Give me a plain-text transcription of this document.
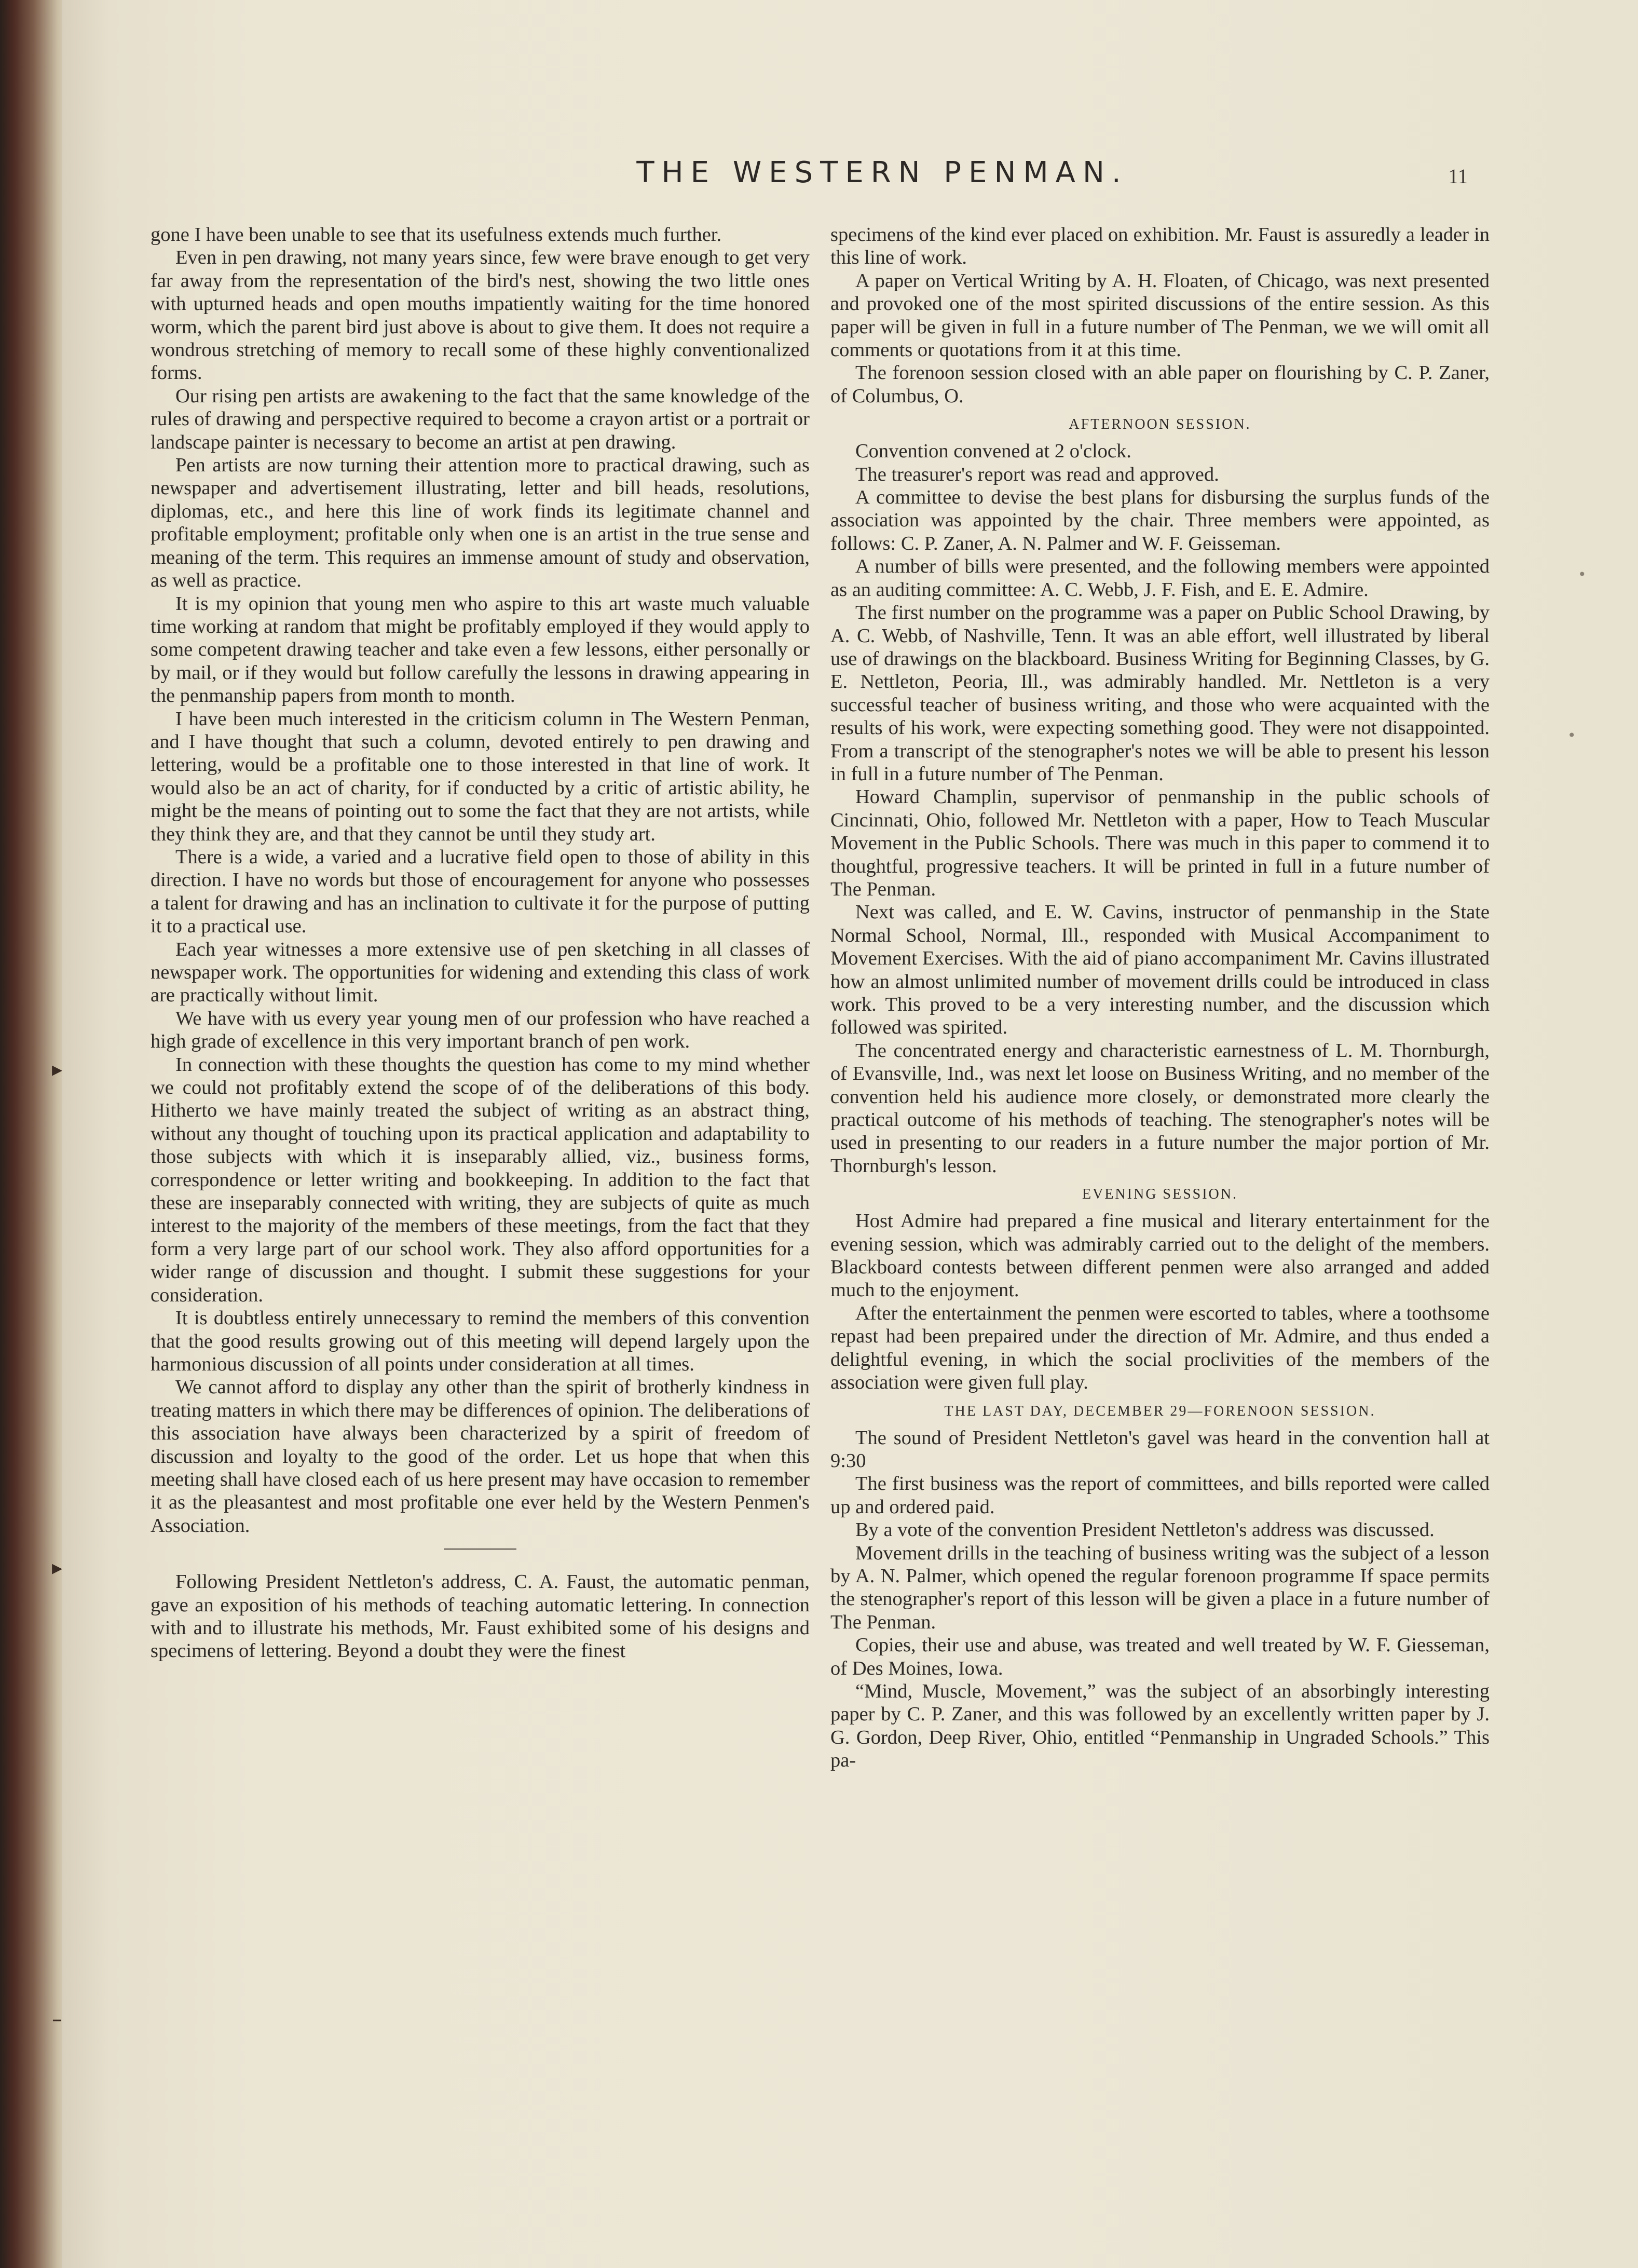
▸
▸
–
THE WESTERN PENMAN.	11
•
•

gone I have been unable to see that its usefulness extends much further.

Even in pen drawing, not many years since, few were brave enough to get very far away from the representation of the bird's nest, showing the two little ones with upturned heads and open mouths impatiently waiting for the time honored worm, which the parent bird just above is about to give them. It does not require a wondrous stretching of memory to recall some of these highly conventionalized forms.

Our rising pen artists are awakening to the fact that the same knowledge of the rules of drawing and perspective required to become a crayon artist or a portrait or landscape painter is necessary to become an artist at pen drawing.

Pen artists are now turning their attention more to practical drawing, such as newspaper and advertisement illustrating, letter and bill heads, resolutions, diplomas, etc., and here this line of work finds its legitimate channel and profitable employment; profitable only when one is an artist in the true sense and meaning of the term. This requires an immense amount of study and observation, as well as practice.

It is my opinion that young men who aspire to this art waste much valuable time working at random that might be profitably employed if they would apply to some competent drawing teacher and take even a few lessons, either personally or by mail, or if they would but follow carefully the lessons in drawing appearing in the penmanship papers from month to month.

I have been much interested in the criticism column in The Western Penman, and I have thought that such a column, devoted entirely to pen drawing and lettering, would be a profitable one to those interested in that line of work. It would also be an act of charity, for if conducted by a critic of artistic ability, he might be the means of pointing out to some the fact that they are not artists, while they think they are, and that they cannot be until they study art.

There is a wide, a varied and a lucrative field open to those of ability in this direction. I have no words but those of encouragement for anyone who possesses a talent for drawing and has an inclination to cultivate it for the purpose of putting it to a practical use.

Each year witnesses a more extensive use of pen sketching in all classes of newspaper work. The opportunities for widening and extending this class of work are practically without limit.

We have with us every year young men of our profession who have reached a high grade of excellence in this very important branch of pen work.

In connection with these thoughts the question has come to my mind whether we could not profitably extend the scope of of the deliberations of this body. Hitherto we have mainly treated the subject of writing as an abstract thing, without any thought of touching upon its practical application and adaptability to those subjects with which it is inseparably allied, viz., business forms, correspondence or letter writing and bookkeeping. In addition to the fact that these are inseparably connected with writing, they are subjects of quite as much interest to the majority of the members of these meetings, from the fact that they form a very large part of our school work. They also afford opportunities for a wider range of discussion and thought. I submit these suggestions for your consideration.

It is doubtless entirely unnecessary to remind the members of this convention that the good results growing out of this meeting will depend largely upon the harmonious discussion of all points under consideration at all times.

We cannot afford to display any other than the spirit of brotherly kindness in treating matters in which there may be differences of opinion. The deliberations of this association have always been characterized by a spirit of freedom of discussion and loyalty to the good of the order. Let us hope that when this meeting shall have closed each of us here present may have occasion to remember it as the pleasantest and most profitable one ever held by the Western Penmen's Association.

Following President Nettleton's address, C. A. Faust, the automatic penman, gave an exposition of his methods of teaching automatic lettering. In connection with and to illustrate his methods, Mr. Faust exhibited some of his designs and specimens of lettering. Beyond a doubt they were the finest

specimens of the kind ever placed on exhibition. Mr. Faust is assuredly a leader in this line of work.

A paper on Vertical Writing by A. H. Floaten, of Chicago, was next presented and provoked one of the most spirited discussions of the entire session. As this paper will be given in full in a future number of The Penman, we we will omit all comments or quotations from it at this time.

The forenoon session closed with an able paper on flourishing by C. P. Zaner, of Columbus, O.

AFTERNOON SESSION.

Convention convened at 2 o'clock.

The treasurer's report was read and approved.

A committee to devise the best plans for disbursing the surplus funds of the association was appointed by the chair. Three members were appointed, as follows: C. P. Zaner, A. N. Palmer and W. F. Geisseman.

A number of bills were presented, and the following members were appointed as an auditing committee: A. C. Webb, J. F. Fish, and E. E. Admire.

The first number on the programme was a paper on Public School Drawing, by A. C. Webb, of Nashville, Tenn. It was an able effort, well illustrated by liberal use of drawings on the blackboard. Business Writing for Beginning Classes, by G. E. Nettleton, Peoria, Ill., was admirably handled. Mr. Nettleton is a very successful teacher of business writing, and those who were acquainted with the results of his work, were expecting something good. They were not disappointed. From a transcript of the stenographer's notes we will be able to present his lesson in full in a future number of The Penman.

Howard Champlin, supervisor of penmanship in the public schools of Cincinnati, Ohio, followed Mr. Nettleton with a paper, How to Teach Muscular Movement in the Public Schools. There was much in this paper to commend it to thoughtful, progressive teachers. It will be printed in full in a future number of The Penman.

Next was called, and E. W. Cavins, instructor of penmanship in the State Normal School, Normal, Ill., responded with Musical Accompaniment to Movement Exercises. With the aid of piano accompaniment Mr. Cavins illustrated how an almost unlimited number of movement drills could be introduced in class work. This proved to be a very interesting number, and the discussion which followed was spirited.

The concentrated energy and characteristic earnestness of L. M. Thornburgh, of Evansville, Ind., was next let loose on Business Writing, and no member of the convention held his audience more closely, or demonstrated more clearly the practical outcome of his methods of teaching. The stenographer's notes will be used in presenting to our readers in a future number the major portion of Mr. Thornburgh's lesson.

EVENING SESSION.

Host Admire had prepared a fine musical and literary entertainment for the evening session, which was admirably carried out to the delight of the members. Blackboard contests between different penmen were also arranged and added much to the enjoyment.

After the entertainment the penmen were escorted to tables, where a toothsome repast had been prepaired under the direction of Mr. Admire, and thus ended a delightful evening, in which the social proclivities of the members of the association were given full play.

THE LAST DAY, DECEMBER 29—FORENOON SESSION.

The sound of President Nettleton's gavel was heard in the convention hall at 9:30

The first business was the report of committees, and bills reported were called up and ordered paid.

By a vote of the convention President Nettleton's address was discussed.

Movement drills in the teaching of business writing was the subject of a lesson by A. N. Palmer, which opened the regular forenoon programme If space permits the stenographer's report of this lesson will be given a place in a future number of The Penman.

Copies, their use and abuse, was treated and well treated by W. F. Giesseman, of Des Moines, Iowa.

“Mind, Muscle, Movement,” was the subject of an absorbingly interesting paper by C. P. Zaner, and this was followed by an excellently written paper by J. G. Gordon, Deep River, Ohio, entitled “Penmanship in Ungraded Schools.” This pa-
